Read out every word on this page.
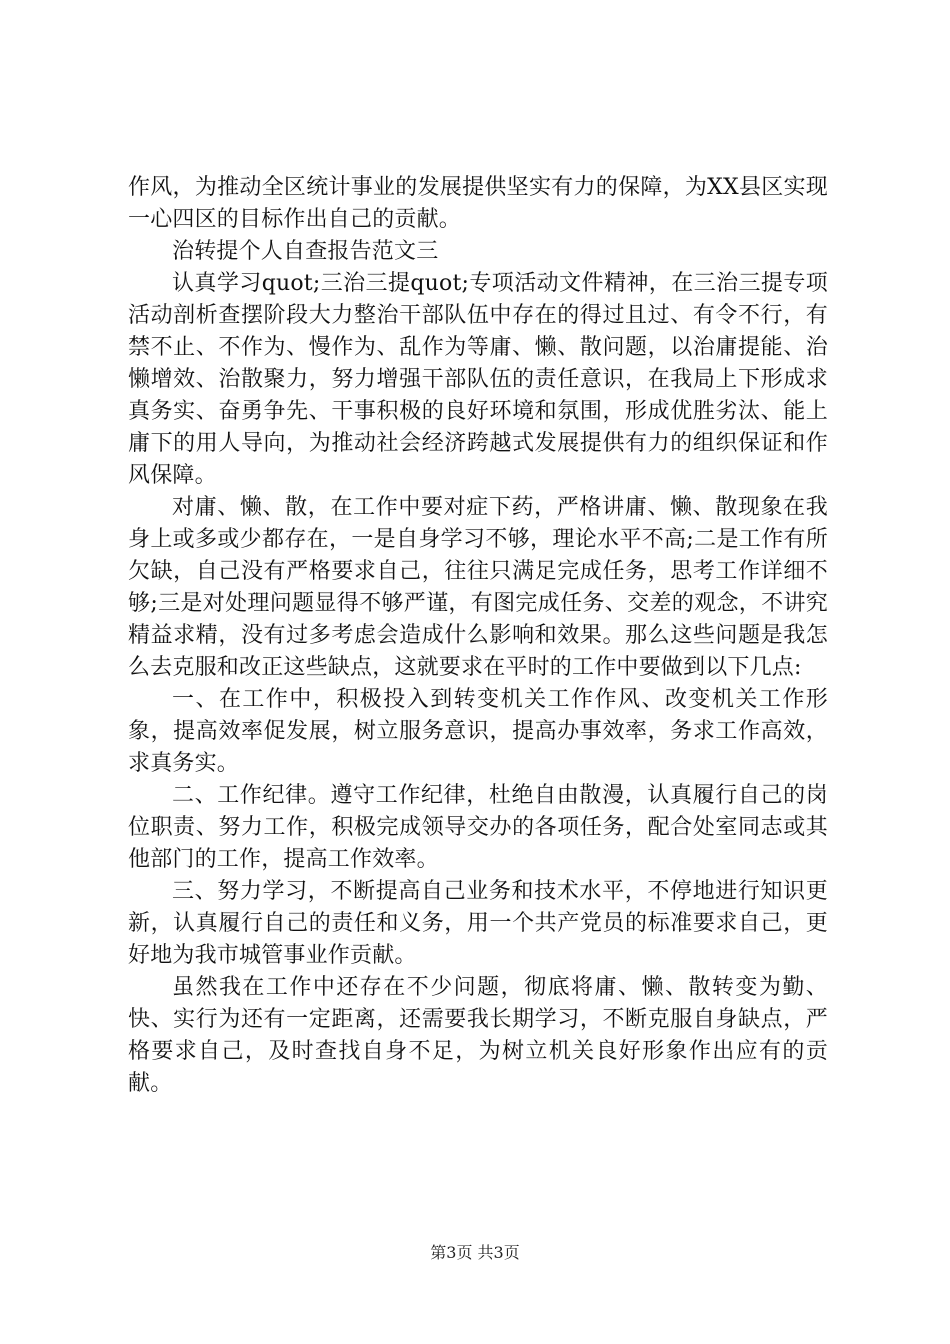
作风，为推动全区统计事业的发展提供坚实有力的保障，为XX县区实现一心四区的目标作出自己的贡献。

治转提个人自查报告范文三

认真学习quot;三治三提quot;专项活动文件精神，在三治三提专项活动剖析查摆阶段大力整治干部队伍中存在的得过且过、有令不行，有禁不止、不作为、慢作为、乱作为等庸、懒、散问题，以治庸提能、治懒增效、治散聚力，努力增强干部队伍的责任意识，在我局上下形成求真务实、奋勇争先、干事积极的良好环境和氛围，形成优胜劣汰、能上庸下的用人导向，为推动社会经济跨越式发展提供有力的组织保证和作风保障。

对庸、懒、散，在工作中要对症下药，严格讲庸、懒、散现象在我身上或多或少都存在，一是自身学习不够，理论水平不高;二是工作有所欠缺，自己没有严格要求自己，往往只满足完成任务，思考工作详细不够;三是对处理问题显得不够严谨，有图完成任务、交差的观念，不讲究精益求精，没有过多考虑会造成什么影响和效果。那么这些问题是我怎么去克服和改正这些缺点，这就要求在平时的工作中要做到以下几点:

一、在工作中，积极投入到转变机关工作作风、改变机关工作形象，提高效率促发展，树立服务意识，提高办事效率，务求工作高效，求真务实。

二、工作纪律。遵守工作纪律，杜绝自由散漫，认真履行自己的岗位职责、努力工作，积极完成领导交办的各项任务，配合处室同志或其他部门的工作，提高工作效率。

三、努力学习，不断提高自己业务和技术水平，不停地进行知识更新，认真履行自己的责任和义务，用一个共产党员的标准要求自己，更好地为我市城管事业作贡献。

虽然我在工作中还存在不少问题，彻底将庸、懒、散转变为勤、快、实行为还有一定距离，还需要我长期学习，不断克服自身缺点，严格要求自己，及时查找自身不足，为树立机关良好形象作出应有的贡献。

第3页 共3页
